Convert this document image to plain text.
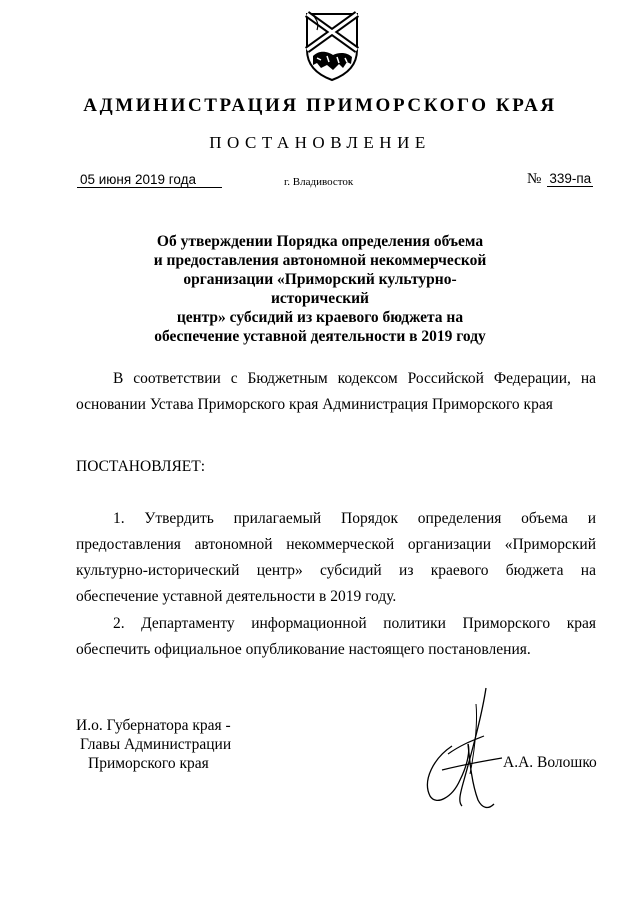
АДМИНИСТРАЦИЯ ПРИМОРСКОГО КРАЯ
ПОСТАНОВЛЕНИЕ
05 июня 2019 года	г. Владивосток	№ 339-па
Об утверждении Порядка определения объема
и предоставления автономной некоммерческой
организации «Приморский культурно-исторический
центр» субсидий из краевого бюджета на
обеспечение уставной деятельности в 2019 году
В соответствии с Бюджетным кодексом Российской Федерации, на основании Устава Приморского края Администрация Приморского края
ПОСТАНОВЛЯЕТ:
1. Утвердить прилагаемый Порядок определения объема и предоставления автономной некоммерческой организации «Приморский культурно-исторический центр» субсидий из краевого бюджета на обеспечение уставной деятельности в 2019 году.
2. Департаменту информационной политики Приморского края обеспечить официальное опубликование настоящего постановления.
И.о. Губернатора края -
Главы Администрации
Приморского края	А.А. Волошко
